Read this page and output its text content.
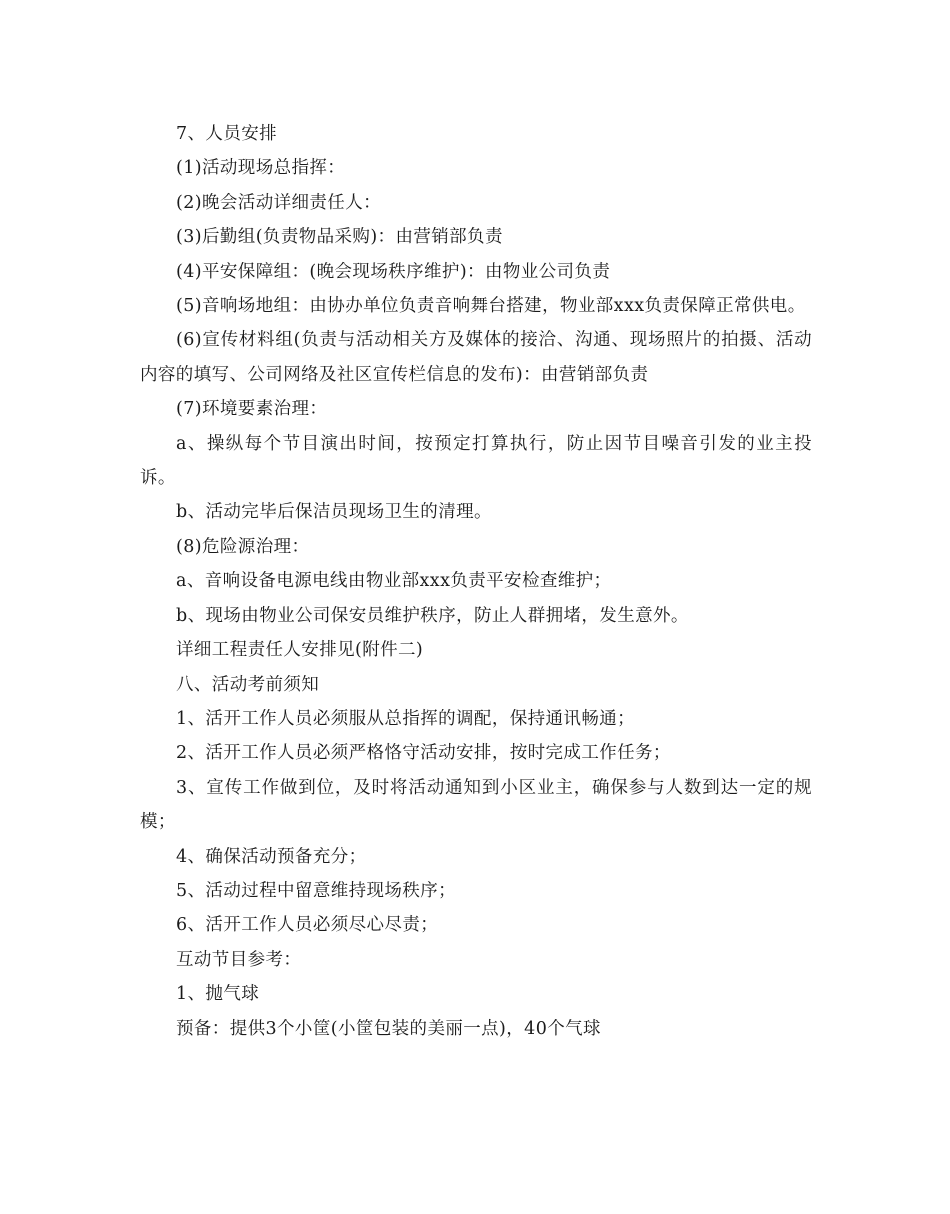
7、人员安排

(1)活动现场总指挥：

(2)晚会活动详细责任人：

(3)后勤组(负责物品采购)：由营销部负责

(4)平安保障组：(晚会现场秩序维护)：由物业公司负责

(5)音响场地组：由协办单位负责音响舞台搭建，物业部xxx负责保障正常供电。

(6)宣传材料组(负责与活动相关方及媒体的接洽、沟通、现场照片的拍摄、活动内容的填写、公司网络及社区宣传栏信息的发布)：由营销部负责

(7)环境要素治理：

a、操纵每个节目演出时间，按预定打算执行，防止因节目噪音引发的业主投诉。

b、活动完毕后保洁员现场卫生的清理。

(8)危险源治理：

a、音响设备电源电线由物业部xxx负责平安检查维护；

b、现场由物业公司保安员维护秩序，防止人群拥堵，发生意外。

详细工程责任人安排见(附件二)

八、活动考前须知

1、活开工作人员必须服从总指挥的调配，保持通讯畅通；

2、活开工作人员必须严格恪守活动安排，按时完成工作任务；

3、宣传工作做到位，及时将活动通知到小区业主，确保参与人数到达一定的规模；

4、确保活动预备充分；

5、活动过程中留意维持现场秩序；

6、活开工作人员必须尽心尽责；

互动节目参考：

1、抛气球

预备：提供3个小筐(小筐包装的美丽一点)，40个气球
